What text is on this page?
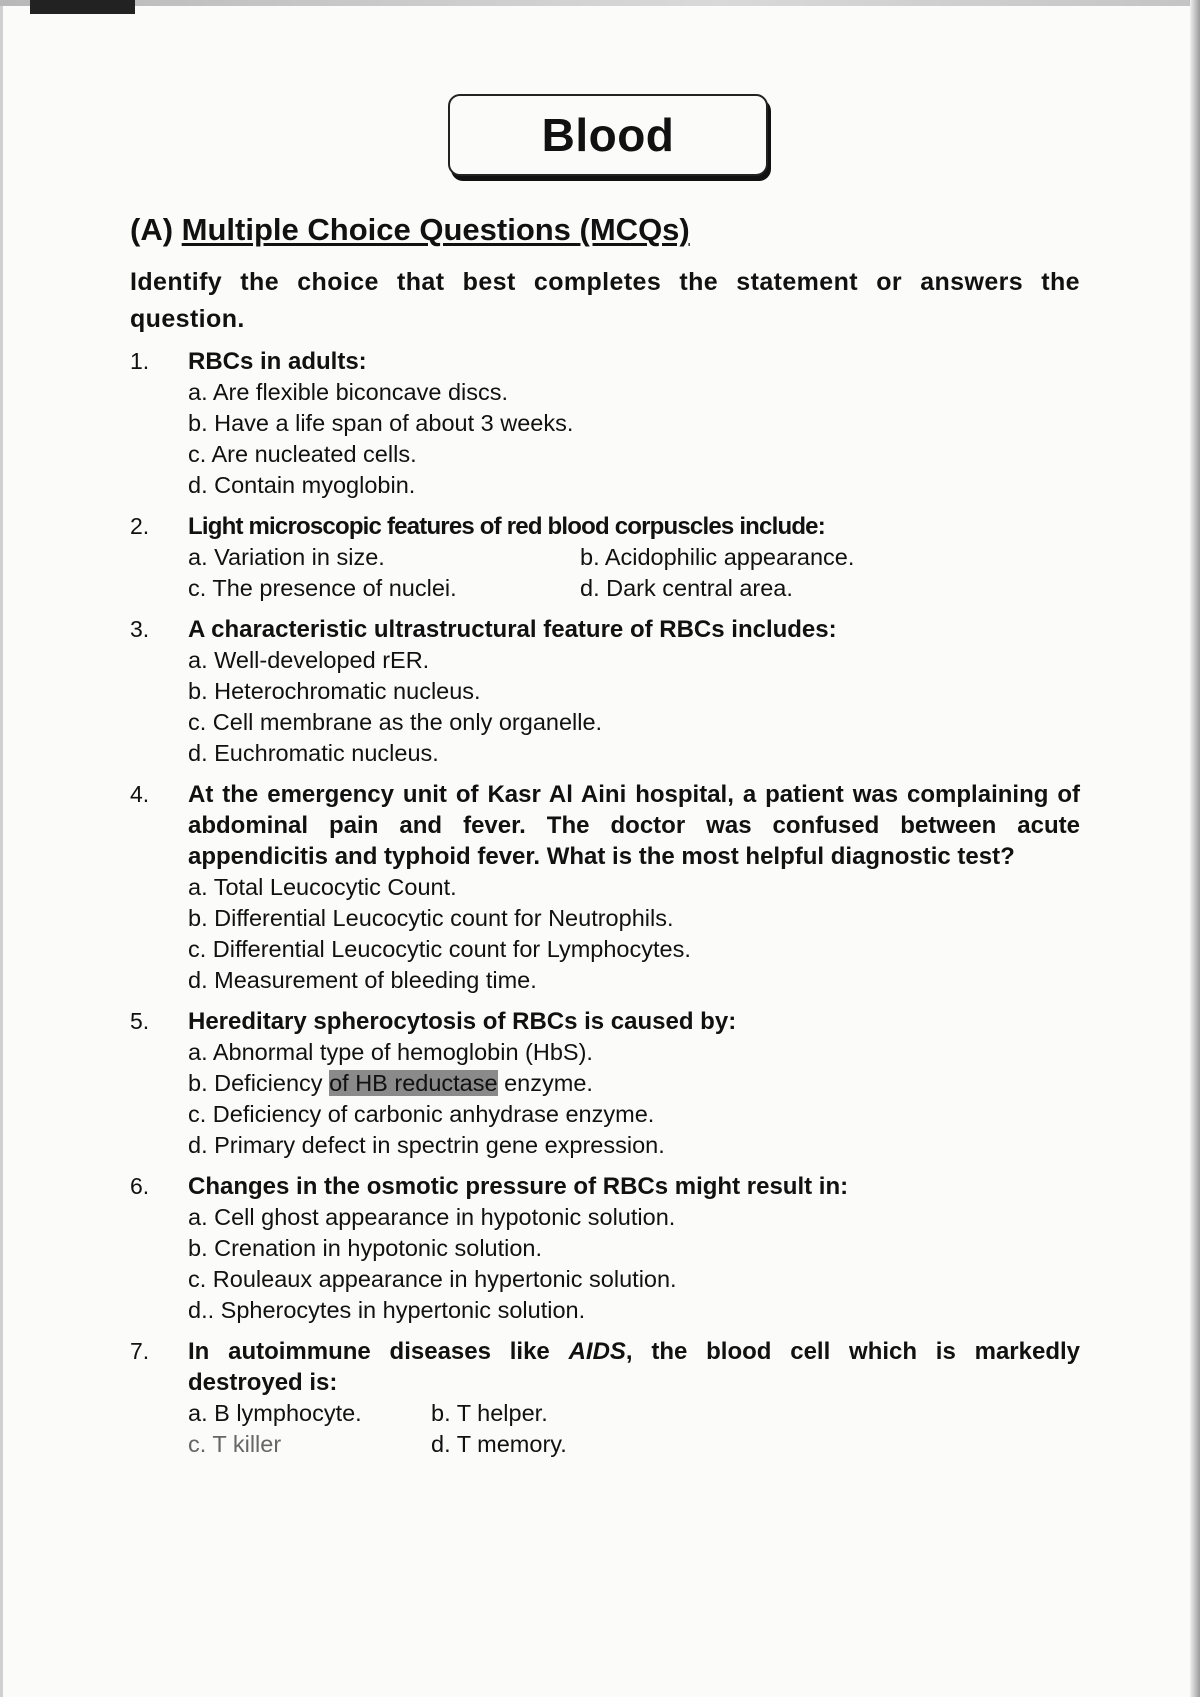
Blood
(A) Multiple Choice Questions (MCQs)
Identify the choice that best completes the statement or answers the question.
1. RBCs in adults:
a. Are flexible biconcave discs.
b. Have a life span of about 3 weeks.
c. Are nucleated cells.
d. Contain myoglobin.
2. Light microscopic features of red blood corpuscles include:
a. Variation in size.	b. Acidophilic appearance.
c. The presence of nuclei.	d. Dark central area.
3. A characteristic ultrastructural feature of RBCs includes:
a. Well-developed rER.
b. Heterochromatic nucleus.
c. Cell membrane as the only organelle.
d. Euchromatic nucleus.
4. At the emergency unit of Kasr Al Aini hospital, a patient was complaining of abdominal pain and fever. The doctor was confused between acute appendicitis and typhoid fever. What is the most helpful diagnostic test?
a. Total Leucocytic Count.
b. Differential Leucocytic count for Neutrophils.
c. Differential Leucocytic count for Lymphocytes.
d. Measurement of bleeding time.
5. Hereditary spherocytosis of RBCs is caused by:
a. Abnormal type of hemoglobin (HbS).
b. Deficiency of HB reductase enzyme.
c. Deficiency of carbonic anhydrase enzyme.
d. Primary defect in spectrin gene expression.
6. Changes in the osmotic pressure of RBCs might result in:
a. Cell ghost appearance in hypotonic solution.
b. Crenation in hypotonic solution.
c. Rouleaux appearance in hypertonic solution.
d.. Spherocytes in hypertonic solution.
7. In autoimmune diseases like AIDS, the blood cell which is markedly destroyed is:
a. B lymphocyte.	b. T helper.
c. T killer	d. T memory.
